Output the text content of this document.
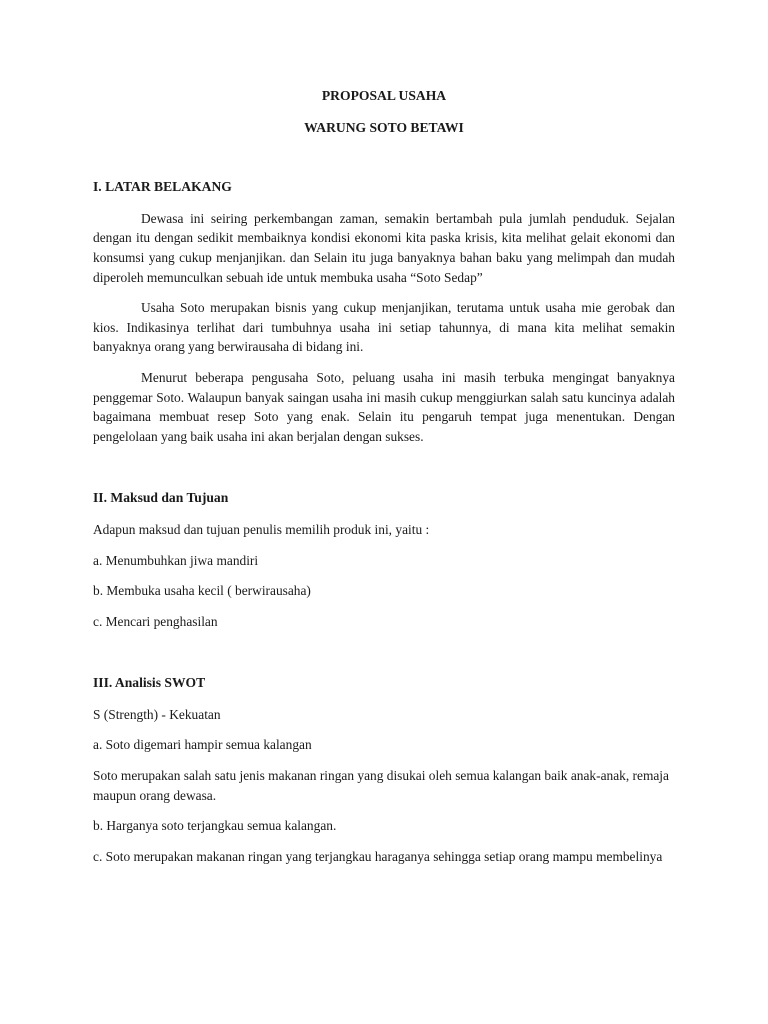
PROPOSAL USAHA

WARUNG SOTO BETAWI

I. LATAR BELAKANG

Dewasa ini seiring perkembangan zaman, semakin bertambah pula jumlah penduduk. Sejalan dengan itu dengan sedikit membaiknya kondisi ekonomi kita paska krisis, kita melihat gelait ekonomi dan konsumsi yang cukup menjanjikan. dan Selain itu juga banyaknya bahan baku yang melimpah dan mudah diperoleh memunculkan sebuah ide untuk membuka usaha “Soto Sedap”

Usaha Soto merupakan bisnis yang cukup menjanjikan, terutama untuk usaha mie gerobak dan kios. Indikasinya terlihat dari tumbuhnya usaha ini setiap tahunnya, di mana kita melihat semakin banyaknya orang yang berwirausaha di bidang ini.

Menurut beberapa pengusaha Soto, peluang usaha ini masih terbuka mengingat banyaknya penggemar Soto. Walaupun banyak saingan usaha ini masih cukup menggiurkan salah satu kuncinya adalah bagaimana membuat resep Soto yang enak. Selain itu pengaruh tempat juga menentukan. Dengan pengelolaan yang baik usaha ini akan berjalan dengan sukses.

II. Maksud dan Tujuan

Adapun maksud dan tujuan penulis memilih produk ini, yaitu :

a. Menumbuhkan jiwa mandiri

b. Membuka usaha kecil ( berwirausaha)

c. Mencari penghasilan

III. Analisis SWOT

S (Strength) - Kekuatan

a. Soto digemari hampir semua kalangan

Soto merupakan salah satu jenis makanan ringan yang disukai oleh semua kalangan baik anak-anak, remaja maupun orang dewasa.

b. Harganya soto terjangkau semua kalangan.

c. Soto merupakan makanan ringan yang terjangkau haraganya sehingga setiap orang mampu membelinya
